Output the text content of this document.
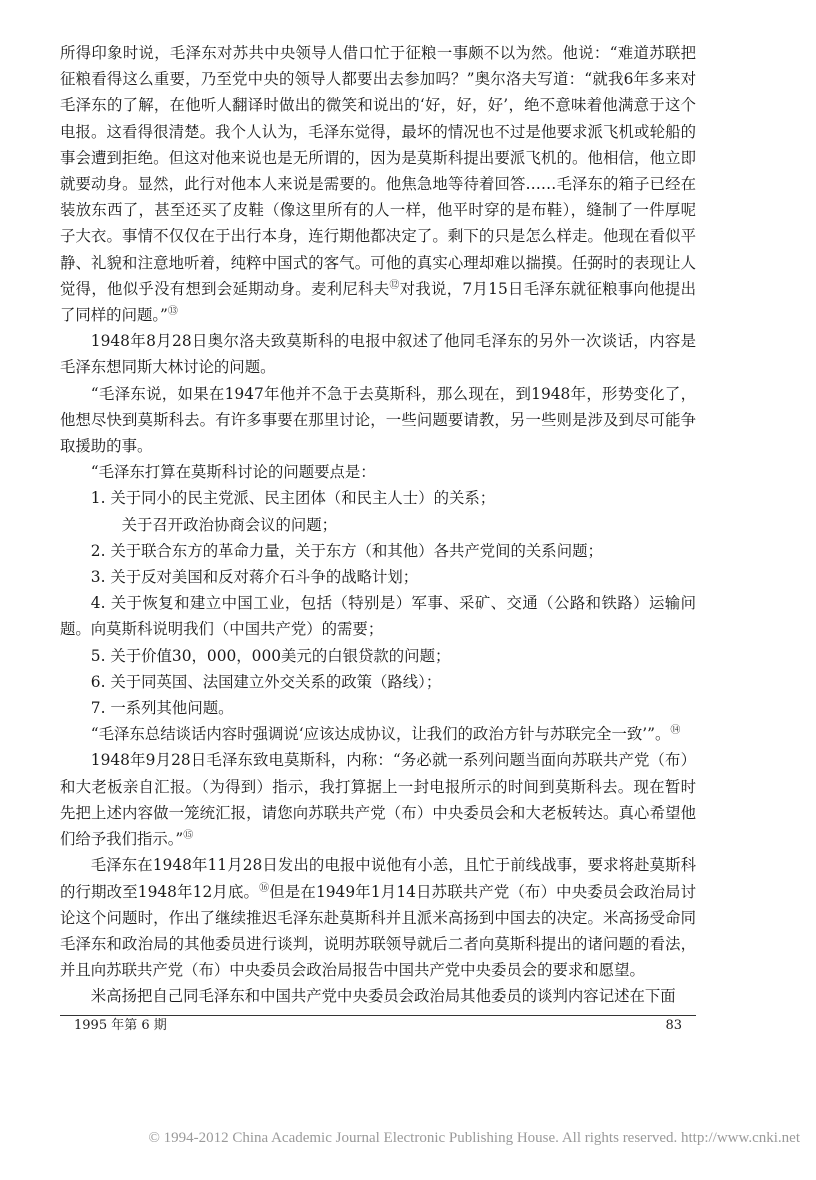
所得印象时说，毛泽东对苏共中央领导人借口忙于征粮一事颇不以为然。他说：“难道苏联把征粮看得这么重要，乃至党中央的领导人都要出去参加吗？”奥尔洛夫写道：“就我6年多来对毛泽东的了解，在他听人翻译时做出的微笑和说出的‘好，好，好’，绝不意味着他满意于这个电报。这看得很清楚。我个人认为，毛泽东觉得，最坏的情况也不过是他要求派飞机或轮船的事会遭到拒绝。但这对他来说也是无所谓的，因为是莫斯科提出要派飞机的。他相信，他立即就要动身。显然，此行对他本人来说是需要的。他焦急地等待着回答……毛泽东的箱子已经在装放东西了，甚至还买了皮鞋（像这里所有的人一样，他平时穿的是布鞋），缝制了一件厚呢子大衣。事情不仅仅在于出行本身，连行期他都决定了。剩下的只是怎么样走。他现在看似平静、礼貌和注意地听着，纯粹中国式的客气。可他的真实心理却难以揣摸。任弼时的表现让人觉得，他似乎没有想到会延期动身。麦利尼科夫⑫对我说，7月15日毛泽东就征粮事向他提出了同样的问题。”⑬

1948年8月28日奥尔洛夫致莫斯科的电报中叙述了他同毛泽东的另外一次谈话，内容是毛泽东想同斯大林讨论的问题。

“毛泽东说，如果在1947年他并不急于去莫斯科，那么现在，到1948年，形势变化了，他想尽快到莫斯科去。有许多事要在那里讨论，一些问题要请教，另一些则是涉及到尽可能争取援助的事。

“毛泽东打算在莫斯科讨论的问题要点是：

1. 关于同小的民主党派、民主团体（和民主人士）的关系；

关于召开政治协商会议的问题；

2. 关于联合东方的革命力量，关于东方（和其他）各共产党间的关系问题；

3. 关于反对美国和反对蒋介石斗争的战略计划；

4. 关于恢复和建立中国工业，包括（特别是）军事、采矿、交通（公路和铁路）运输问题。向莫斯科说明我们（中国共产党）的需要；

5. 关于价值30，000，000美元的白银贷款的问题；

6. 关于同英国、法国建立外交关系的政策（路线）；

7. 一系列其他问题。

“毛泽东总结谈话内容时强调说‘应该达成协议，让我们的政治方针与苏联完全一致’”。⑭

1948年9月28日毛泽东致电莫斯科，内称：“务必就一系列问题当面向苏联共产党（布）和大老板亲自汇报。（为得到）指示，我打算据上一封电报所示的时间到莫斯科去。现在暂时先把上述内容做一笼统汇报，请您向苏联共产党（布）中央委员会和大老板转达。真心希望他们给予我们指示。”⑮

毛泽东在1948年11月28日发出的电报中说他有小恙，且忙于前线战事，要求将赴莫斯科的行期改至1948年12月底。⑯但是在1949年1月14日苏联共产党（布）中央委员会政治局讨论这个问题时，作出了继续推迟毛泽东赴莫斯科并且派米高扬到中国去的决定。米高扬受命同毛泽东和政治局的其他委员进行谈判，说明苏联领导就后二者向莫斯科提出的诸问题的看法，并且向苏联共产党（布）中央委员会政治局报告中国共产党中央委员会的要求和愿望。

米高扬把自己同毛泽东和中国共产党中央委员会政治局其他委员的谈判内容记述在下面

1995 年第 6 期	83
© 1994-2012 China Academic Journal Electronic Publishing House. All rights reserved. http://www.cnki.net
